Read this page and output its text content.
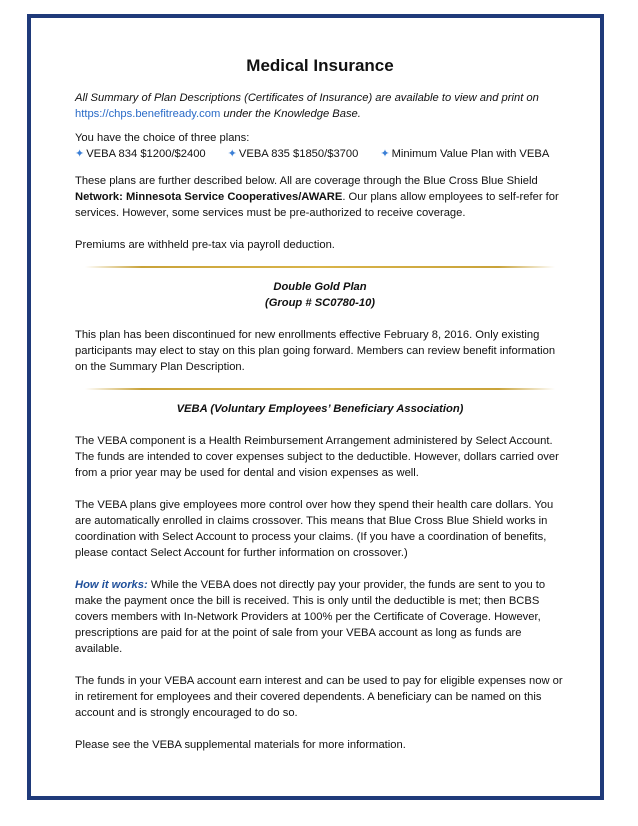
Medical Insurance

All Summary of Plan Descriptions (Certificates of Insurance) are available to view and print on https://chps.benefitready.com under the Knowledge Base.

You have the choice of three plans:

✦ VEBA 834 $1200/$2400 ✦ VEBA 835 $1850/$3700 ✦ Minimum Value Plan with VEBA

These plans are further described below. All are coverage through the Blue Cross Blue Shield Network: Minnesota Service Cooperatives/AWARE. Our plans allow employees to self-refer for services. However, some services must be pre-authorized to receive coverage.

Premiums are withheld pre-tax via payroll deduction.

Double Gold Plan

(Group # SC0780-10)

This plan has been discontinued for new enrollments effective February 8, 2016. Only existing participants may elect to stay on this plan going forward. Members can review benefit information on the Summary Plan Description.

VEBA (Voluntary Employees’ Beneficiary Association)

The VEBA component is a Health Reimbursement Arrangement administered by Select Account. The funds are intended to cover expenses subject to the deductible. However, dollars carried over from a prior year may be used for dental and vision expenses as well.

The VEBA plans give employees more control over how they spend their health care dollars. You are automatically enrolled in claims crossover. This means that Blue Cross Blue Shield works in coordination with Select Account to process your claims. (If you have a coordination of benefits, please contact Select Account for further information on crossover.)

How it works: While the VEBA does not directly pay your provider, the funds are sent to you to make the payment once the bill is received. This is only until the deductible is met; then BCBS covers members with In-Network Providers at 100% per the Certificate of Coverage. However, prescriptions are paid for at the point of sale from your VEBA account as long as funds are available.

The funds in your VEBA account earn interest and can be used to pay for eligible expenses now or in retirement for employees and their covered dependents. A beneficiary can be named on this account and is strongly encouraged to do so.

Please see the VEBA supplemental materials for more information.
